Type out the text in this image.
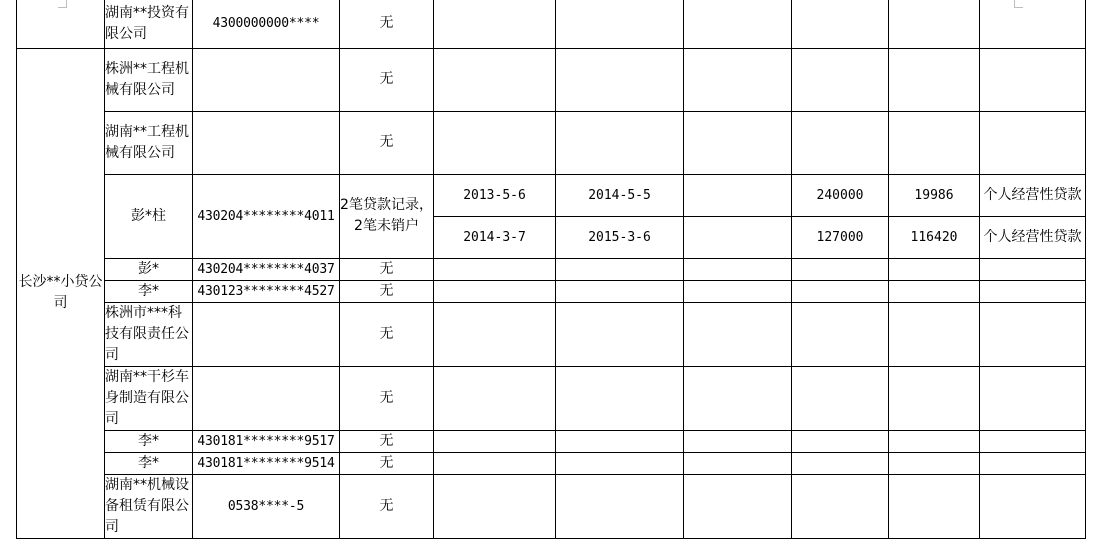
	湖南**投资有限公司	4300000000****	无						
长沙**小贷公司	株洲**工程机械有限公司		无						
	湖南**工程机械有限公司		无						
	彭*柱	430204********4011	2笔贷款记录，2笔未销户	2013-5-6	2014-5-5		240000	19986	个人经营性贷款
				2014-3-7	2015-3-6		127000	116420	个人经营性贷款
	彭*	430204********4037	无						
	李*	430123********4527	无						
	株洲市***科技有限责任公司		无						
	湖南**干杉车身制造有限公司		无						
	李*	430181********9517	无						
	李*	430181********9514	无						
	湖南**机械设备租赁有限公司	0538****-5	无						
